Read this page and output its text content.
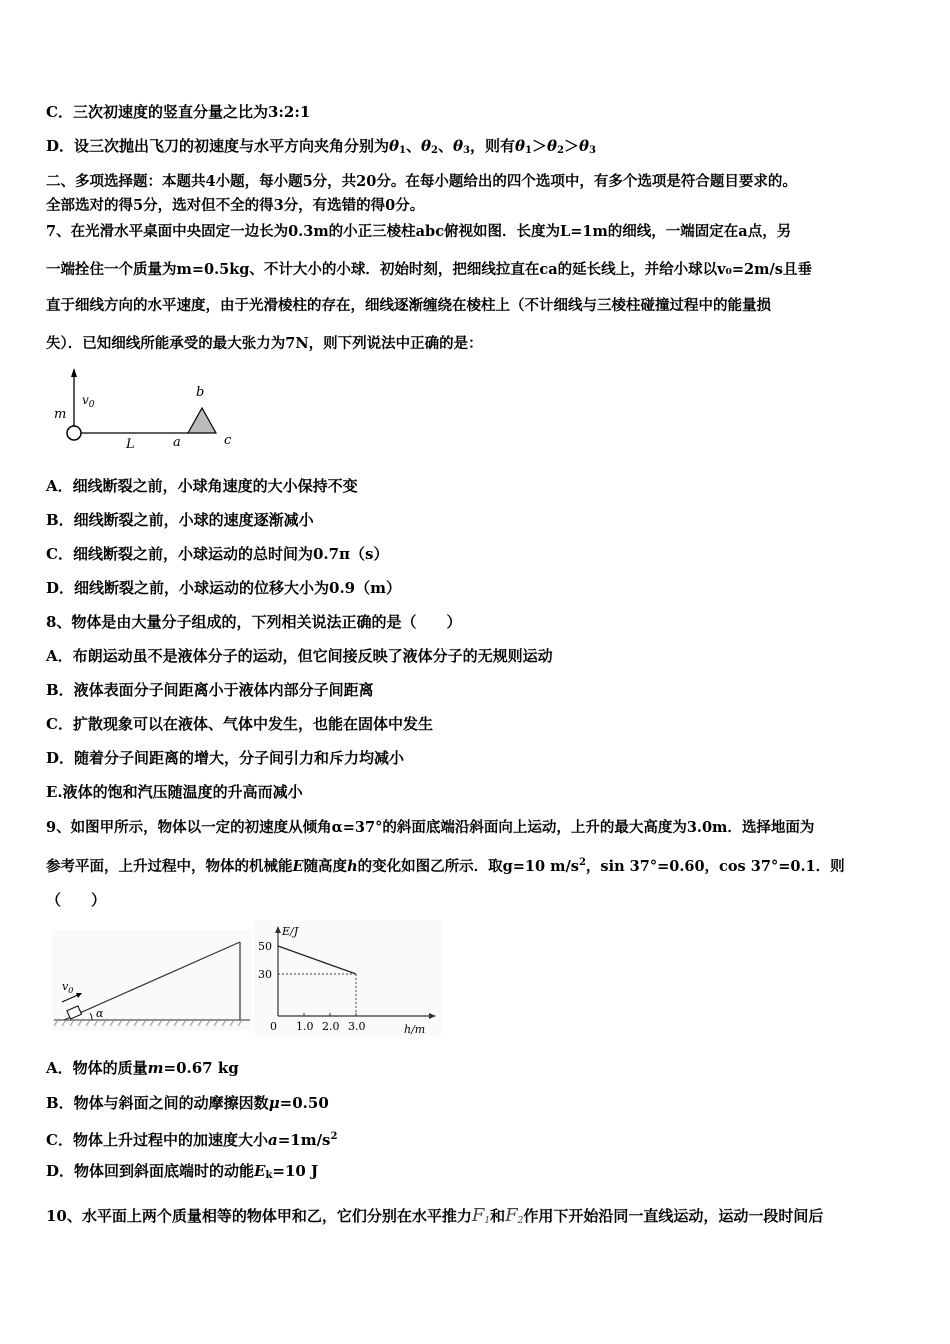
C．三次初速度的竖直分量之比为3:2:1
D．设三次抛出飞刀的初速度与水平方向夹角分别为$\theta_1$、$\theta_2$、$\theta_3$，则有$\theta_1>\theta_2>\theta_3$
二、多项选择题：本题共4小题，每小题5分，共20分。在每小题给出的四个选项中，有多个选项是符合题目要求的。
全部选对的得5分，选对但不全的得3分，有选错的得0分。
7、在光滑水平桌面中央固定一边长为0.3m的小正三棱柱abc俯视如图．长度为L=1m的细线，一端固定在a点，另
一端拴住一个质量为m=0.5kg、不计大小的小球．初始时刻，把细线拉直在ca的延长线上，并给小球以v₀=2m/s且垂
直于细线方向的水平速度，由于光滑棱柱的存在，细线逐渐缠绕在棱柱上（不计细线与三棱柱碰撞过程中的能量损
失）．已知细线所能承受的最大张力为7N，则下列说法中正确的是：
m
$v_0$
L	a
b
c
A．细线断裂之前，小球角速度的大小保持不变
B．细线断裂之前，小球的速度逐渐减小
C．细线断裂之前，小球运动的总时间为0.7π（s）
D．细线断裂之前，小球运动的位移大小为0.9（m）
8、物体是由大量分子组成的，下列相关说法正确的是（　　）
A．布朗运动虽不是液体分子的运动，但它间接反映了液体分子的无规则运动
B．液体表面分子间距离小于液体内部分子间距离
C．扩散现象可以在液体、气体中发生，也能在固体中发生
D．随着分子间距离的增大，分子间引力和斥力均减小
E.液体的饱和汽压随温度的升高而减小
9、如图甲所示，物体以一定的初速度从倾角α=37°的斜面底端沿斜面向上运动，上升的最大高度为3.0m．选择地面为
参考平面，上升过程中，物体的机械能E随高度h的变化如图乙所示．取g=10 $m/s^2$，sin 37°=0.60，cos 37°=0.1．则
（　　）
$v_0$
α
E/J
h/m
50
30
0 1.0 2.0 3.0
A．物体的质量m=0.67 kg
B．物体与斜面之间的动摩擦因数μ=0.50
C．物体上升过程中的加速度大小$a=1m/s^2$
D．物体回到斜面底端时的动能$E_k=10$ J
10、水平面上两个质量相等的物体甲和乙，它们分别在水平推力$F_1$和$F_2$作用下开始沿同一直线运动，运动一段时间后
